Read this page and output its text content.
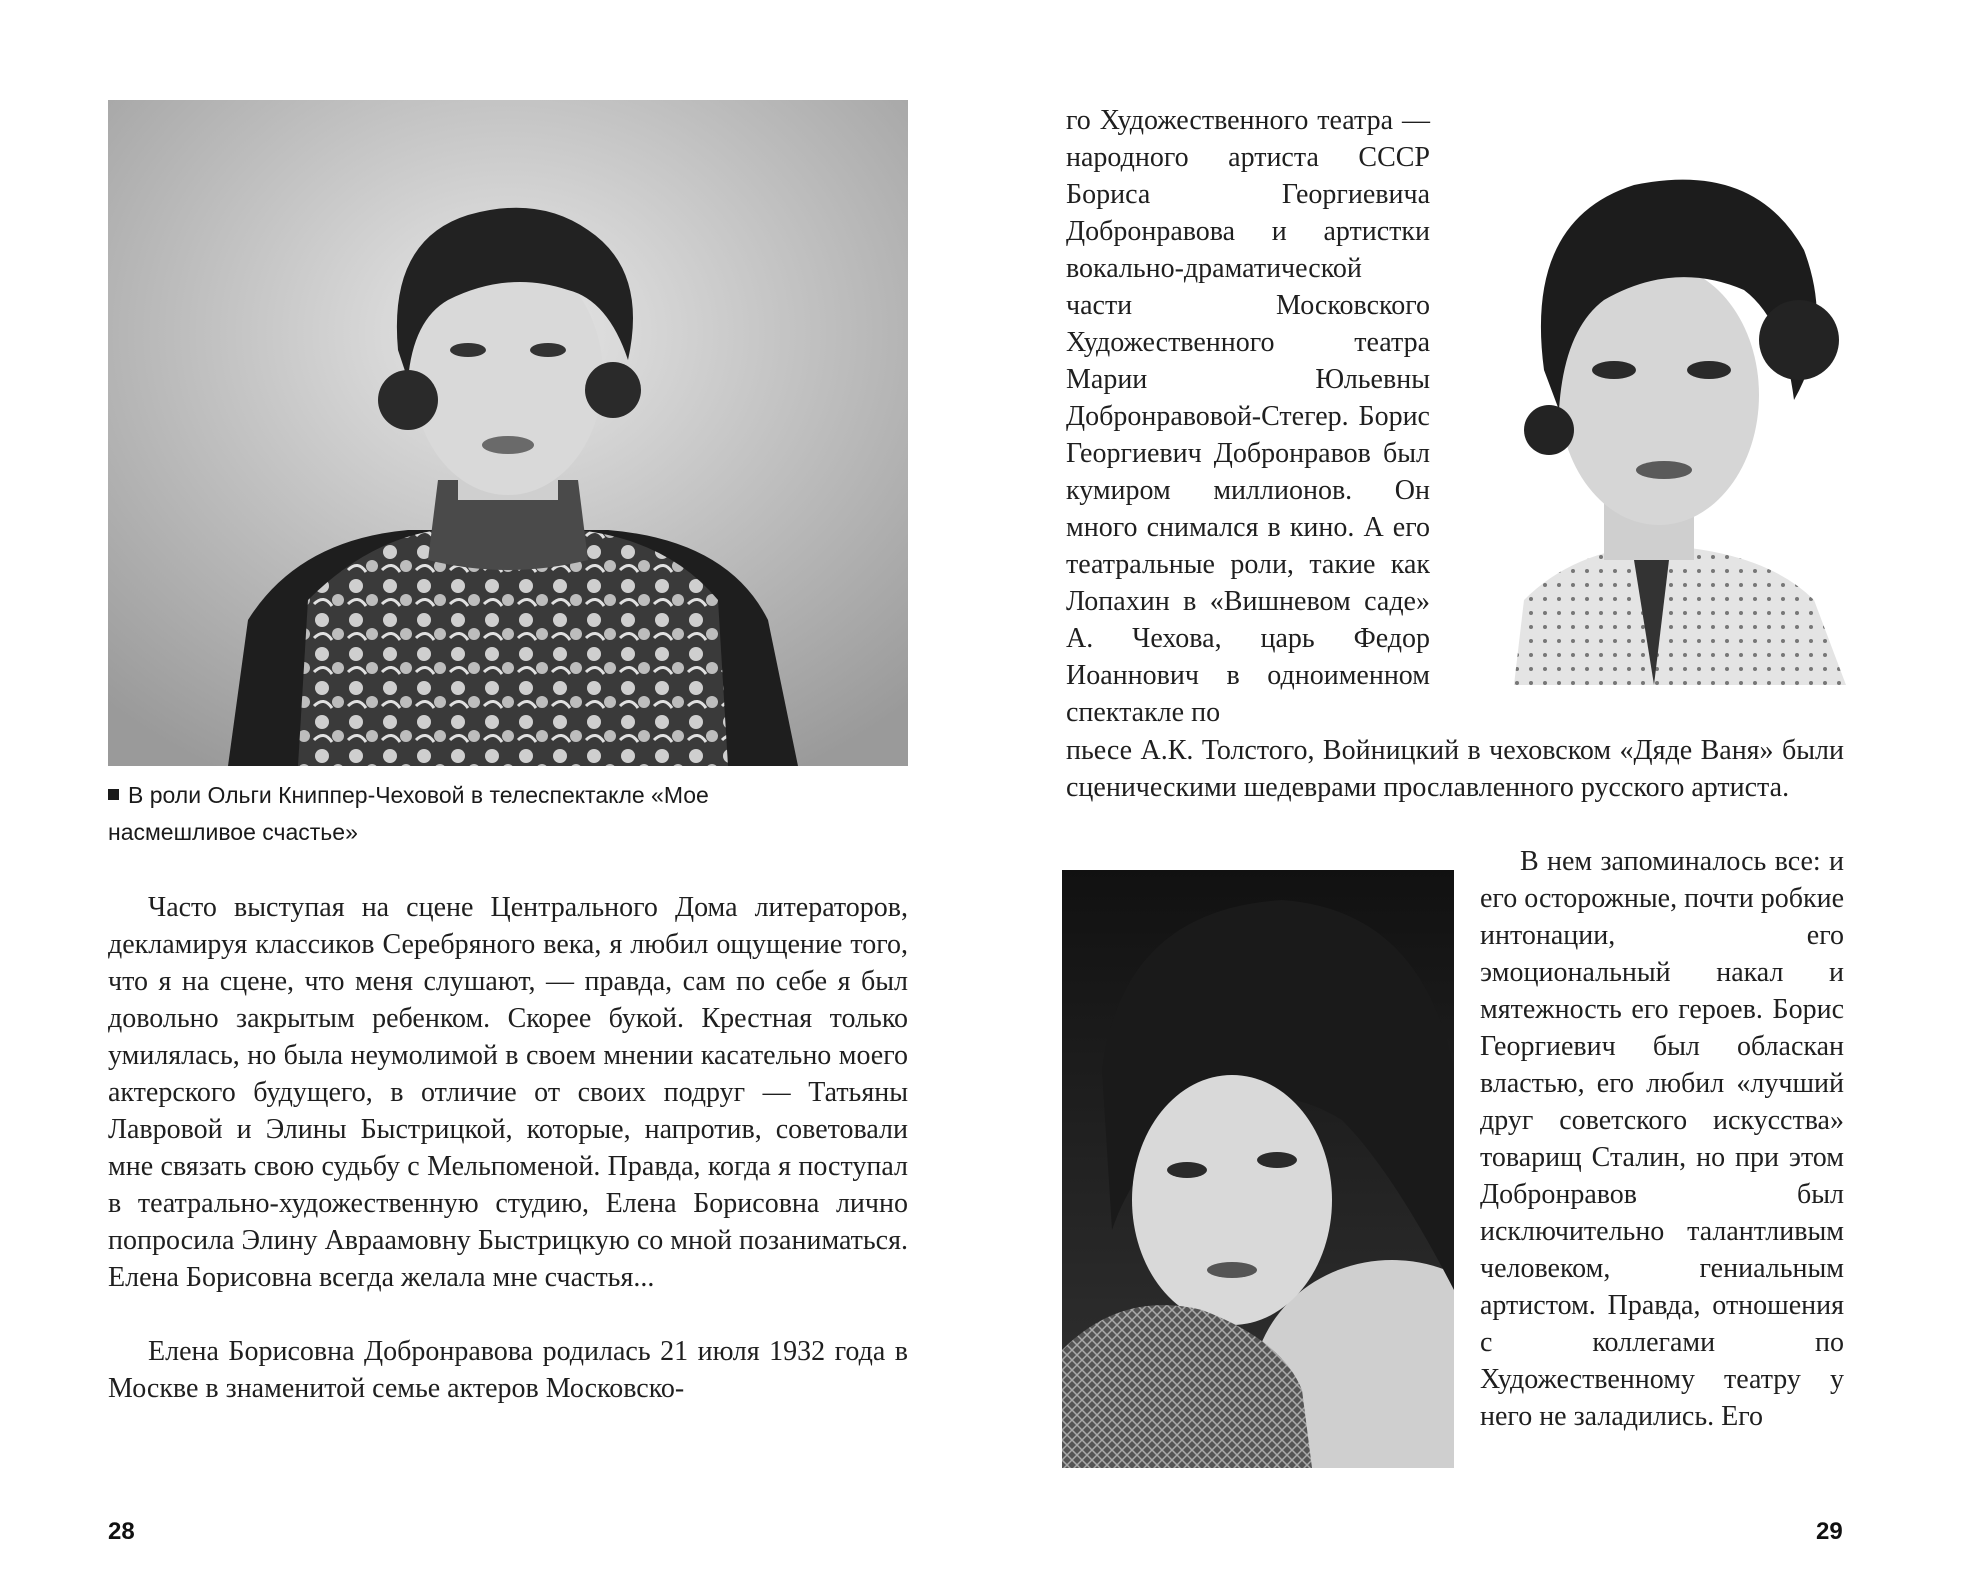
В роли Ольги Книппер-Чеховой в телеспектакле «Мое насмешливое счастье»

Часто выступая на сцене Центрального Дома литераторов, декламируя классиков Серебряного века, я любил ощущение того, что я на сцене, что меня слушают, — правда, сам по себе я был довольно закрытым ребенком. Скорее букой. Крестная только умилялась, но была неумолимой в своем мнении касательно моего актерского будущего, в отличие от своих подруг — Татьяны Лавровой и Элины Быстрицкой, которые, напротив, советовали мне связать свою судьбу с Мельпоменой. Правда, когда я поступал в театрально-художественную студию, Елена Борисовна лично попросила Элину Авраамовну Быстрицкую со мной позаниматься. Елена Борисовна всегда желала мне счастья...

Елена Борисовна Добронравова родилась 21 июля 1932 года в Москве в знаменитой семье актеров Московско-

28

го Художественного театра — народного артиста СССР Бориса Георгиевича Добронравова и артистки вокально-драматической части Московского Художественного театра Марии Юльевны Добронравовой-Стегер. Борис Георгиевич Добронравов был кумиром миллионов. Он много снимался в кино. А его театральные роли, такие как Лопахин в «Вишневом саде» А. Чехова, царь Федор Иоаннович в одноименном спектакле по

пьесе А.К. Толстого, Войницкий в чеховском «Дяде Ваня» были сценическими шедеврами прославленного русского артиста.

В нем запоминалось все: и его осторожные, почти робкие интонации, его эмоциональный накал и мятежность его героев. Борис Георгиевич был обласкан властью, его любил «лучший друг советского искусства» товарищ Сталин, но при этом Добронравов был исключительно талантливым человеком, гениальным артистом. Правда, отношения с коллегами по Художественному театру у него не заладились. Его

29
